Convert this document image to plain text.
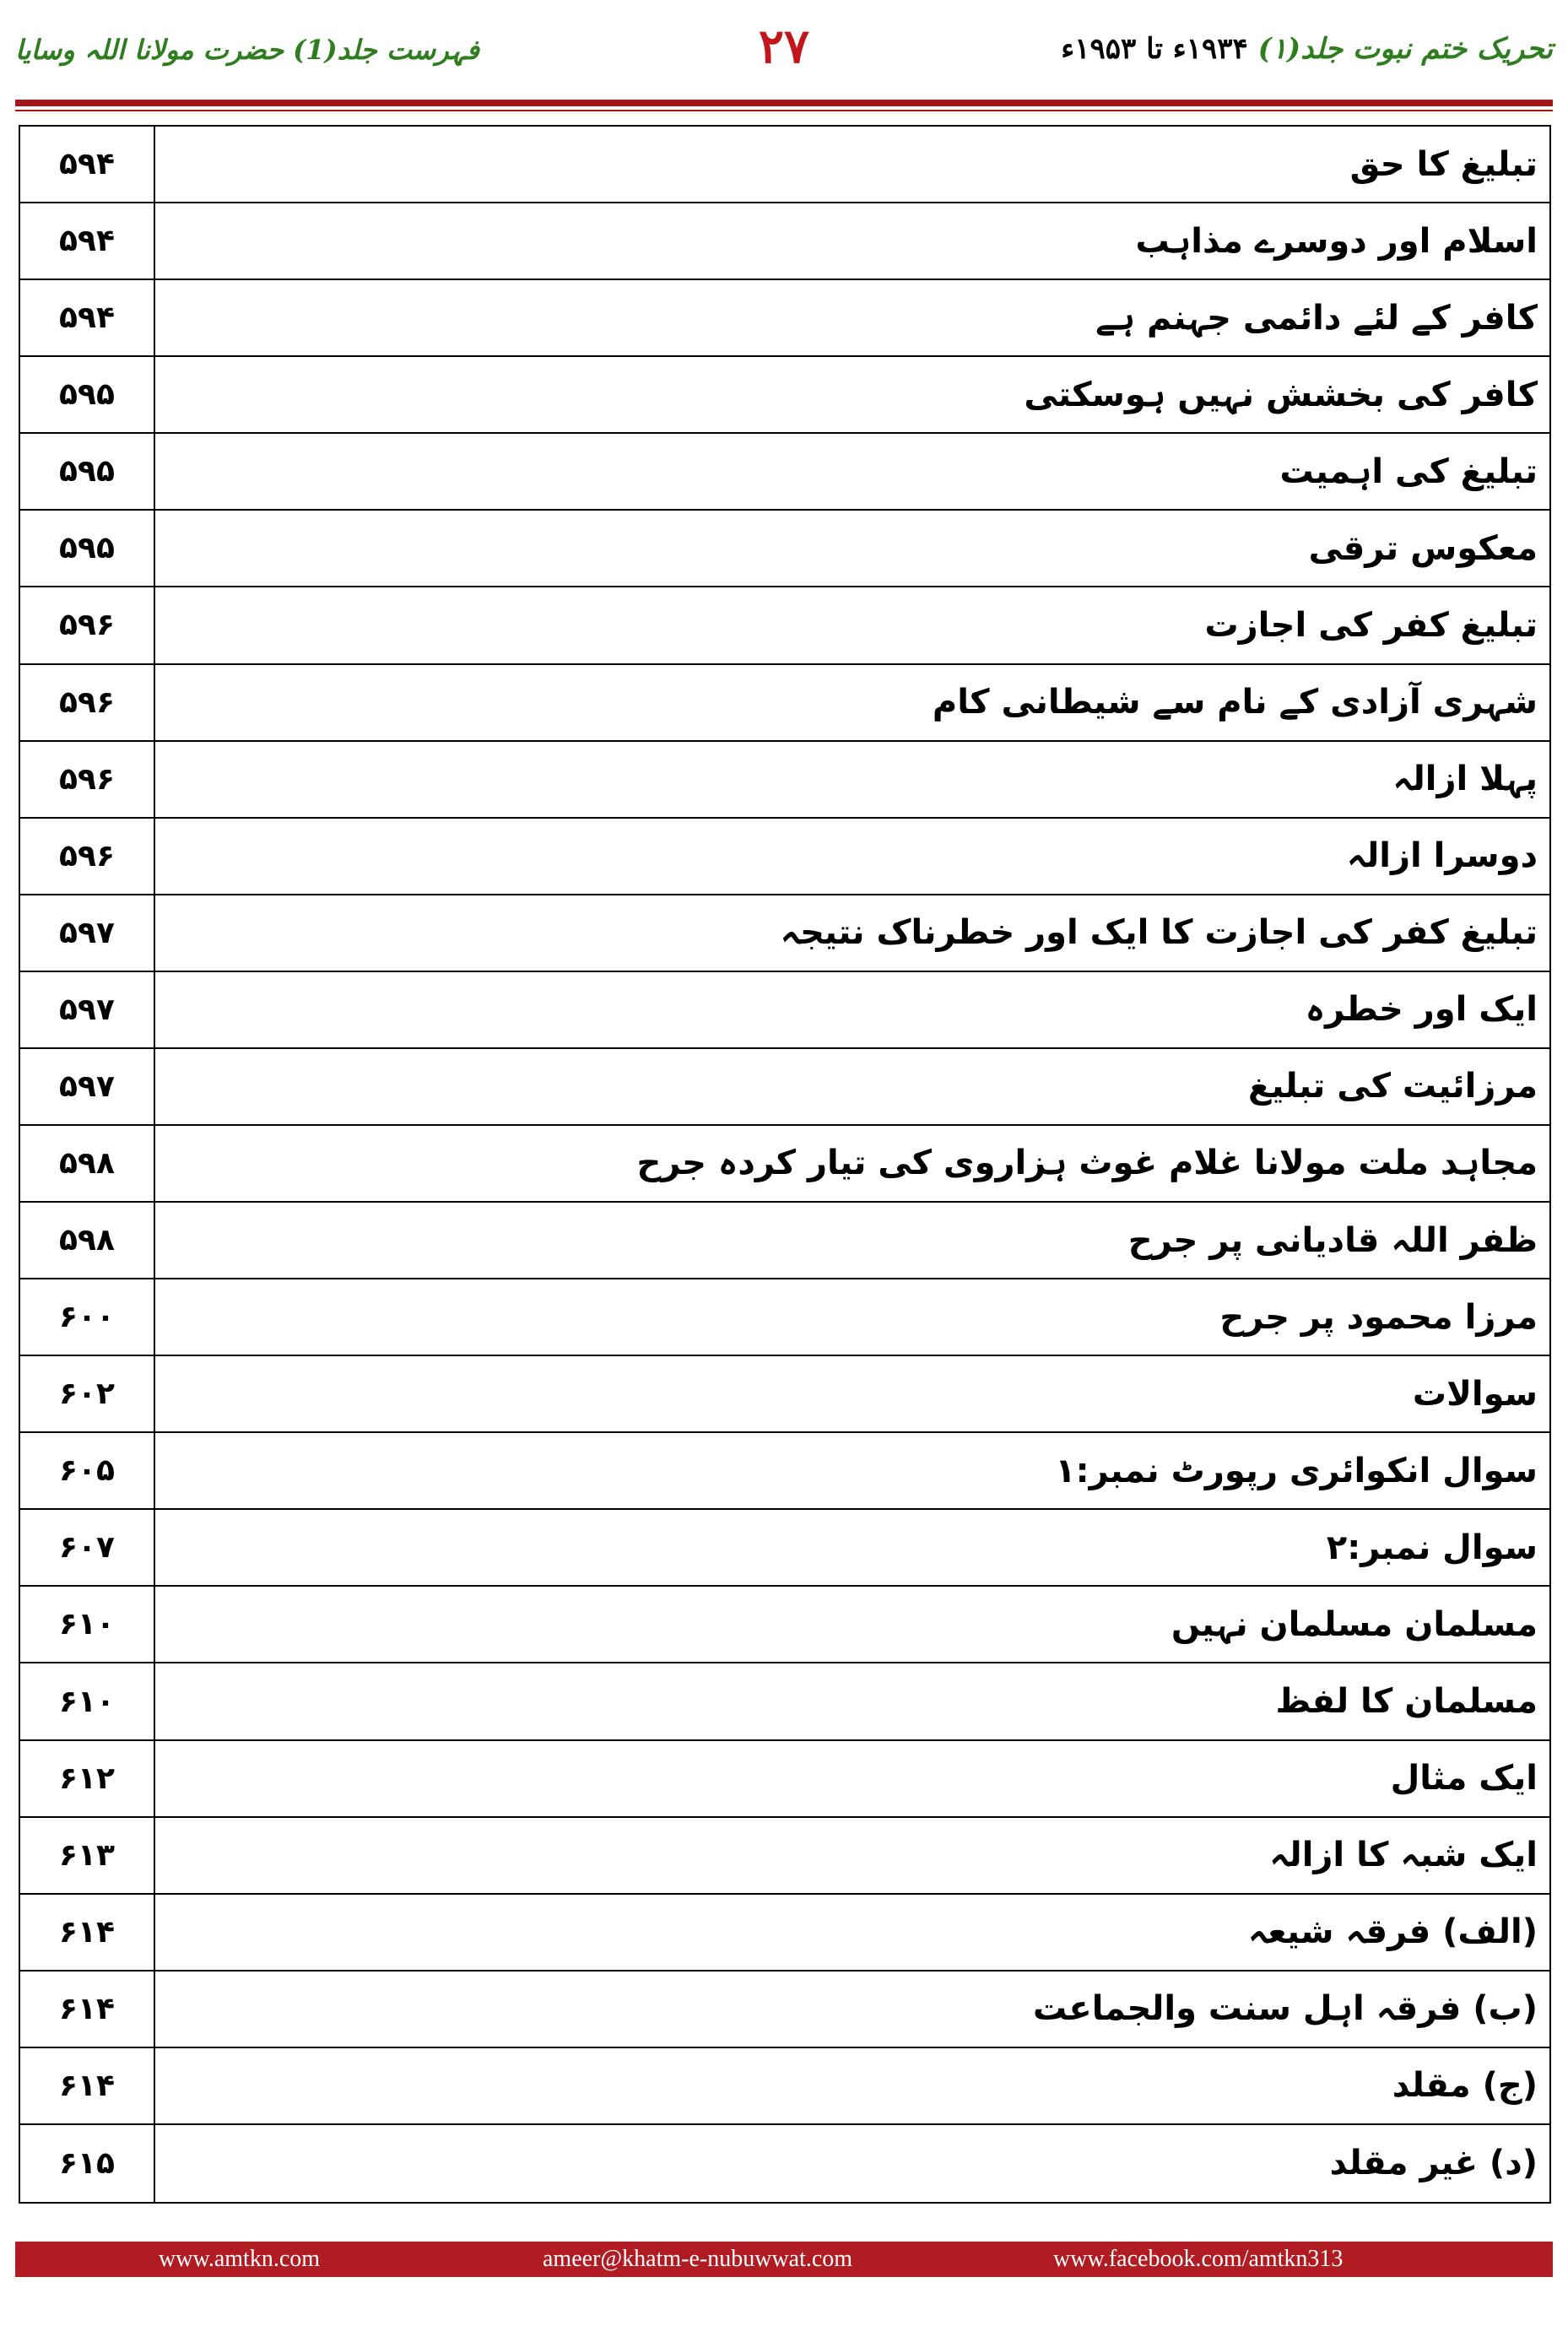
تحریک ختم نبوت جلد(۱) ۱۹۳۴ء تا ۱۹۵۳ء
۲۷
فہرست جلد(1) حضرت مولانا اللہ وسایا
۵۹۴	تبلیغ کا حق
۵۹۴	اسلام اور دوسرے مذاہب
۵۹۴	کافر کے لئے دائمی جہنم ہے
۵۹۵	کافر کی بخشش نہیں ہوسکتی
۵۹۵	تبلیغ کی اہمیت
۵۹۵	معکوس ترقی
۵۹۶	تبلیغ کفر کی اجازت
۵۹۶	شہری آزادی کے نام سے شیطانی کام
۵۹۶	پہلا ازالہ
۵۹۶	دوسرا ازالہ
۵۹۷	تبلیغ کفر کی اجازت کا ایک اور خطرناک نتیجہ
۵۹۷	ایک اور خطرہ
۵۹۷	مرزائیت کی تبلیغ
۵۹۸	مجاہد ملت مولانا غلام غوث ہزاروی کی تیار کردہ جرح
۵۹۸	ظفر اللہ قادیانی پر جرح
۶۰۰	مرزا محمود پر جرح
۶۰۲	سوالات
۶۰۵	سوال انکوائری رپورٹ نمبر:۱
۶۰۷	سوال نمبر:۲
۶۱۰	مسلمان مسلمان نہیں
۶۱۰	مسلمان کا لفظ
۶۱۲	ایک مثال
۶۱۳	ایک شبہ کا ازالہ
۶۱۴	(الف) فرقہ شیعہ
۶۱۴	(ب) فرقہ اہل سنت والجماعت
۶۱۴	(ج) مقلد
۶۱۵	(د) غیر مقلد
www.amtkn.com	ameer@khatm-e-nubuwwat.com	www.facebook.com/amtkn313
